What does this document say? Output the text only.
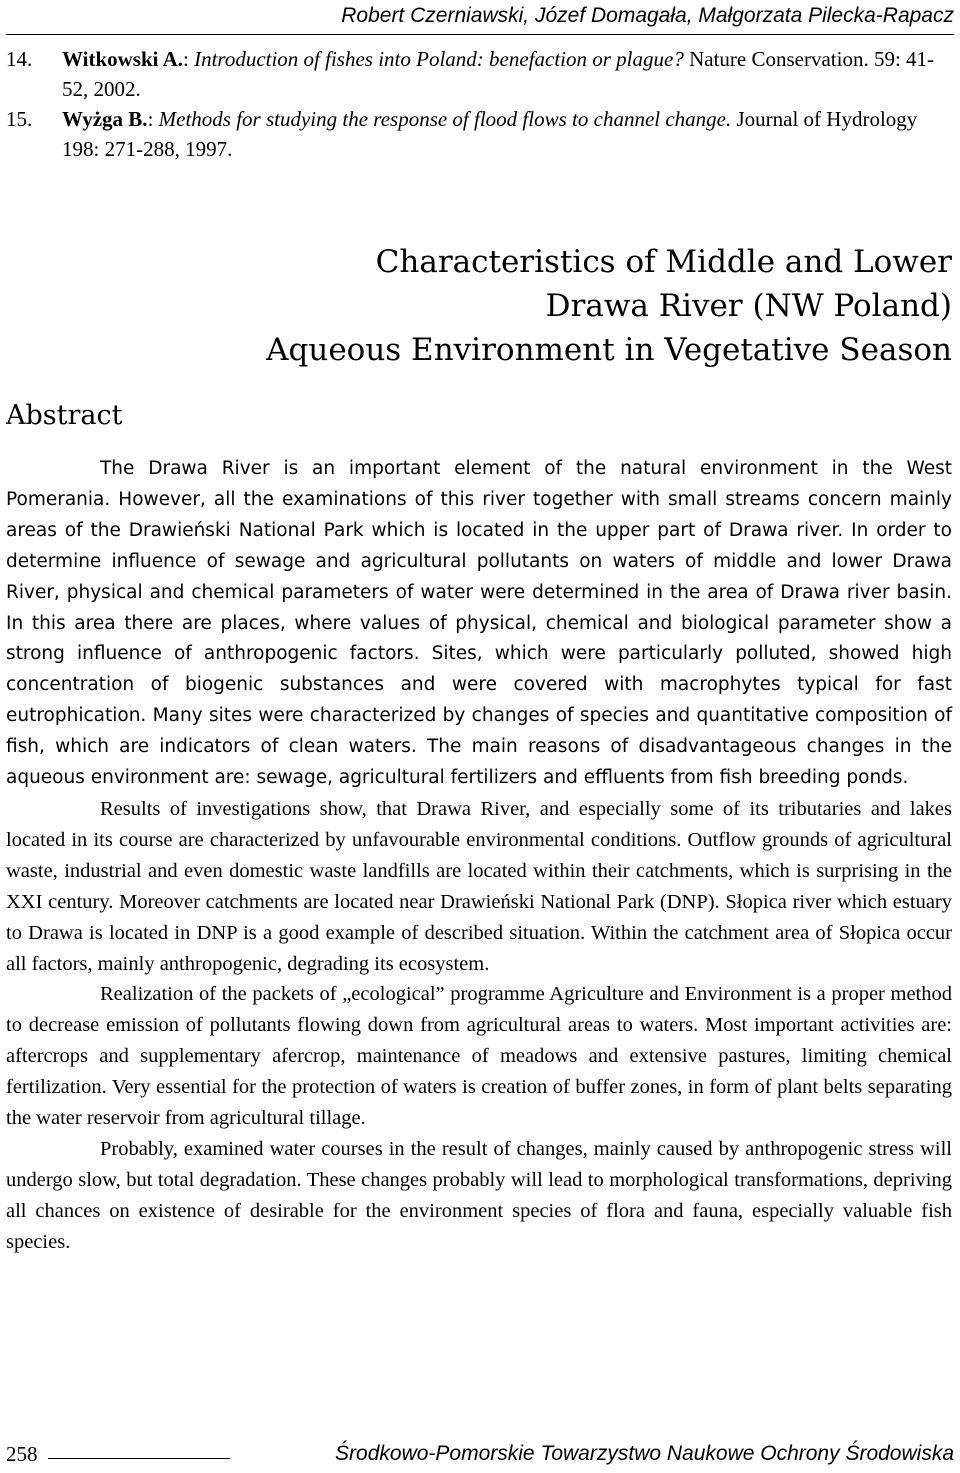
Robert Czerniawski, Józef Domagała, Małgorzata Pilecka-Rapacz
14.	Witkowski A.: Introduction of fishes into Poland: benefaction or plague? Nature Conservation. 59: 41-52, 2002.
15.	Wyżga B.: Methods for studying the response of flood flows to channel change. Journal of Hydrology 198: 271-288, 1997.
Characteristics of Middle and Lower
Drawa River (NW Poland)
Aqueous Environment in Vegetative Season
Abstract

The Drawa River is an important element of the natural environment in the West Pomerania. However, all the examinations of this river together with small streams concern mainly areas of the Drawieński National Park which is located in the upper part of Drawa river. In order to determine influence of sewage and agricultural pollutants on waters of middle and lower Drawa River, physical and chemical parameters of water were determined in the area of Drawa river basin. In this area there are places, where values of physical, chemical and biological parameter show a strong influence of anthropogenic factors. Sites, which were particularly polluted, showed high concentration of biogenic substances and were covered with macrophytes typical for fast eutrophication. Many sites were characterized by changes of species and quantitative composition of fish, which are indicators of clean waters. The main reasons of disadvantageous changes in the aqueous environment are: sewage, agricultural fertilizers and effluents from fish breeding ponds.

Results of investigations show, that Drawa River, and especially some of its tributaries and lakes located in its course are characterized by unfavourable environmental conditions. Outflow grounds of agricultural waste, industrial and even domestic waste landfills are located within their catchments, which is surprising in the XXI century. Moreover catchments are located near Drawieński National Park (DNP). Słopica river which estuary to Drawa is located in DNP is a good example of described situation. Within the catchment area of Słopica occur all factors, mainly anthropogenic, degrading its ecosystem.

Realization of the packets of „ecological” programme Agriculture and Environment is a proper method to decrease emission of pollutants flowing down from agricultural areas to waters. Most important activities are: aftercrops and supplementary afercrop, maintenance of meadows and extensive pastures, limiting chemical fertilization. Very essential for the protection of waters is creation of buffer zones, in form of plant belts separating the water reservoir from agricultural tillage.

Probably, examined water courses in the result of changes, mainly caused by anthropogenic stress will undergo slow, but total degradation. These changes probably will lead to morphological transformations, depriving all chances on existence of desirable for the environment species of flora and fauna, especially valuable fish species.

258	Środkowo-Pomorskie Towarzystwo Naukowe Ochrony Środowiska
